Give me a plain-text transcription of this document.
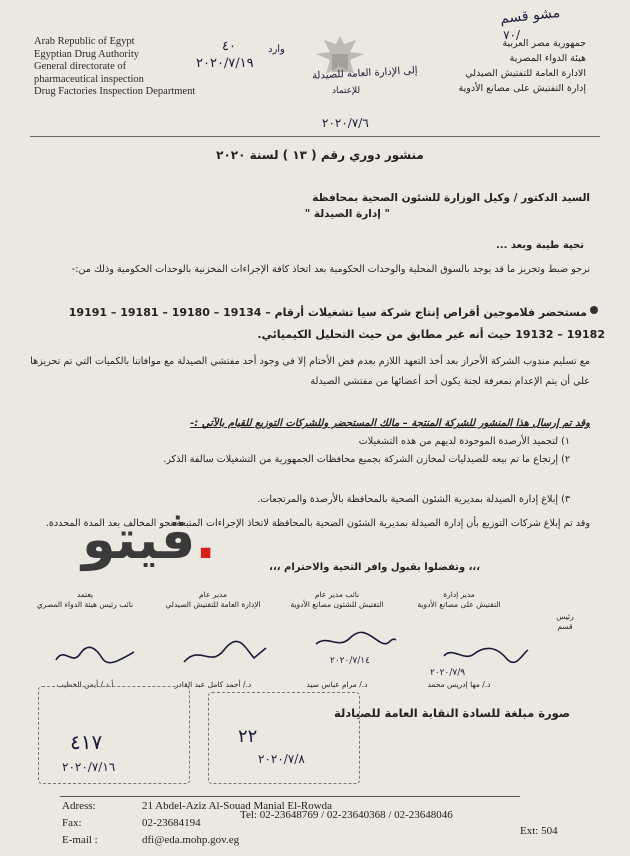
Arab Republic of Egypt
Egyptian Drug Authority
General directorate of
pharmaceutical inspection
Drug Factories Inspection Department
جمهورية مصر العربية
هيئة الدواء المصرية
الادارة العامة للتفتيش الصيدلي
إدارة التفتيش على مصانع الأدوية
٤٠
٢٠٢٠/٧/١٩
وارد
مشو قسم
٧٠/
إلى الإدارة العامة للصيدلة
للإعتماد
٢٠٢٠/٧/٦
منشور دوري رقم ( ١٣ ) لسنة ٢٠٢٠
السيد الدكتور / وكيل الوزارة للشئون الصحية بمحافظة
" إدارة الصيدلة "
تحية طيبة وبعد ...
نرجو ضبط وتحريز ما قد يوجد بالسوق المحلية والوحدات الحكومية بعد اتخاذ كافة الإجراءات المخزنية بالوحدات الحكومية وذلك من:-
مستحضر فلاموجين أقراص إنتاج شركة سيا تشغيلات أرقام – 19134 – 19180 – 19181 – 19191
19182 – 19132 حيث أنه غير مطابق من حيث التحليل الكيميائي.
مع تسليم مندوب الشركة الأحراز بعد أخذ التعهد اللازم بعدم فض الأختام إلا في وجود أحد مفتشي الصيدلة مع موافاتنا بالكميات التي تم تحريزها علي أن يتم الإعدام بمعرفة لجنة يكون أحد أعضائها من مفتشي الصيدلة
وقد تم إرسال هذا المنشور للشركة المنتجة – مالك المستحضر وللشركات التوزيع للقيام بالآتي :-
١) لتجميد الأرصدة الموجودة لديهم من هذه التشغيلات
٢) إرتجاع ما تم بيعه للصيدليات لمخازن الشركة بجميع محافظات الجمهورية من التشغيلات سالفة الذكر.
٣) إبلاغ إدارة الصيدلة بمديرية الشئون الصحية بالمحافظة بالأرصدة والمرتجعات.
وقد تم إبلاغ شركات التوزيع بأن إدارة الصيدلة بمديرية الشئون الصحية بالمحافظة لاتخاذ الإجراءات المتبعة نحو المخالف بعد المدة المحددة.
ڤيتو.	،،، وتفضلوا بقبول وافر التحية والاحترام ،،،
يعتمد
نائب رئيس هيئة الدواء المصري
مدير عام
الإدارة العامة للتفتيش الصيدلي
نائب مدير عام
التفتيش للشئون مصانع الأدوية
مدير إدارة
التفتيش على مصانع الأدوية
رئيس
قسم
٢٠٢٠/٧/١٤
٢٠٢٠/٧/٩
أ.د./ أيمن الخطيب	د./ أحمد كامل عبد القادر	د./ مرام عباس سيد	د./ مها إدريس محمد
صورة مبلغة للسادة النقابة العامة للصيادلة
٤١٧
٢٠٢٠/٧/١٦
٢٢
٢٠٢٠/٧/٨
Adress:	21 Abdel-Aziz Al-Souad Manial El-Rowda
Fax:	02-23684194
Tel: 02-23648769 / 02-23640368 / 02-23648046
E-mail :	dfi@eda.mohp.gov.eg
Ext: 504
